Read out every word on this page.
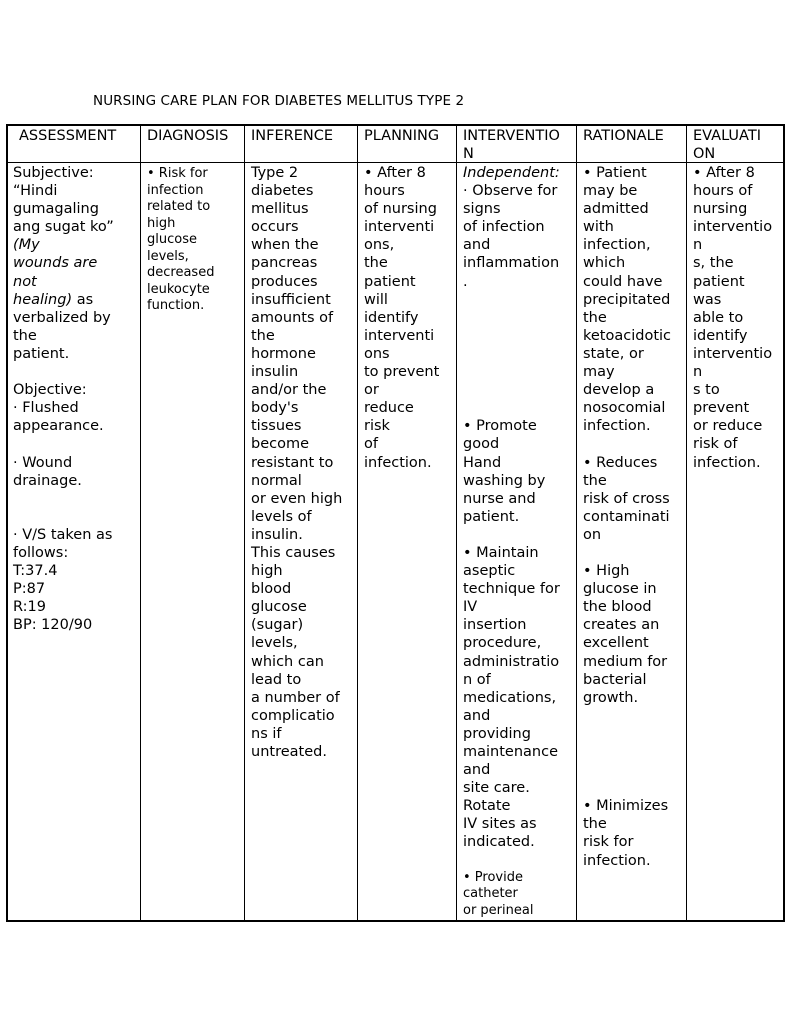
NURSING CARE PLAN FOR DIABETES MELLITUS TYPE 2
ASSESSMENT DIAGNOSIS INFERENCE PLANNING INTERVENTIO
N
RATIONALE EVALUATI
ON
Subjective:
“Hindi
gumagaling
ang sugat ko”
(My
wounds are
not
healing) as
verbalized by
the
patient.

Objective:
· Flushed
appearance.

· Wound
drainage.

· V/S taken as
follows:
T:37.4
P:87
R:19
BP: 120/90
• Risk for
infection
related to
high
glucose
levels,
decreased
leukocyte
function.
Type 2
diabetes
mellitus
occurs
when the
pancreas
produces
insufficient
amounts of
the
hormone
insulin
and/or the
body's
tissues
become
resistant to
normal
or even high
levels of
insulin.
This causes
high
blood
glucose
(sugar)
levels,
which can
lead to
a number of
complicatio
ns if
untreated.
• After 8
hours
of nursing
interventi
ons,
the
patient
will
identify
interventi
ons
to prevent
or
reduce
risk
of
infection.
Independent:
· Observe for
signs
of infection
and
inflammation
.

• Promote
good
Hand
washing by
nurse and
patient.

• Maintain
aseptic
technique for
IV
insertion
procedure,
administratio
n of
medications,
and
providing
maintenance
and
site care.
Rotate
IV sites as
indicated.

• Provide
catheter
or perineal
• Patient
may be
admitted
with
infection,
which
could have
precipitated
the
ketoacidotic
state, or
may
develop a
nosocomial
infection.

• Reduces
the
risk of cross
contaminati
on

• High
glucose in
the blood
creates an
excellent
medium for
bacterial
growth.

• Minimizes
the
risk for
infection.
• After 8
hours of
nursing
interventio
n
s, the
patient
was
able to
identify
interventio
n
s to
prevent
or reduce
risk of
infection.
